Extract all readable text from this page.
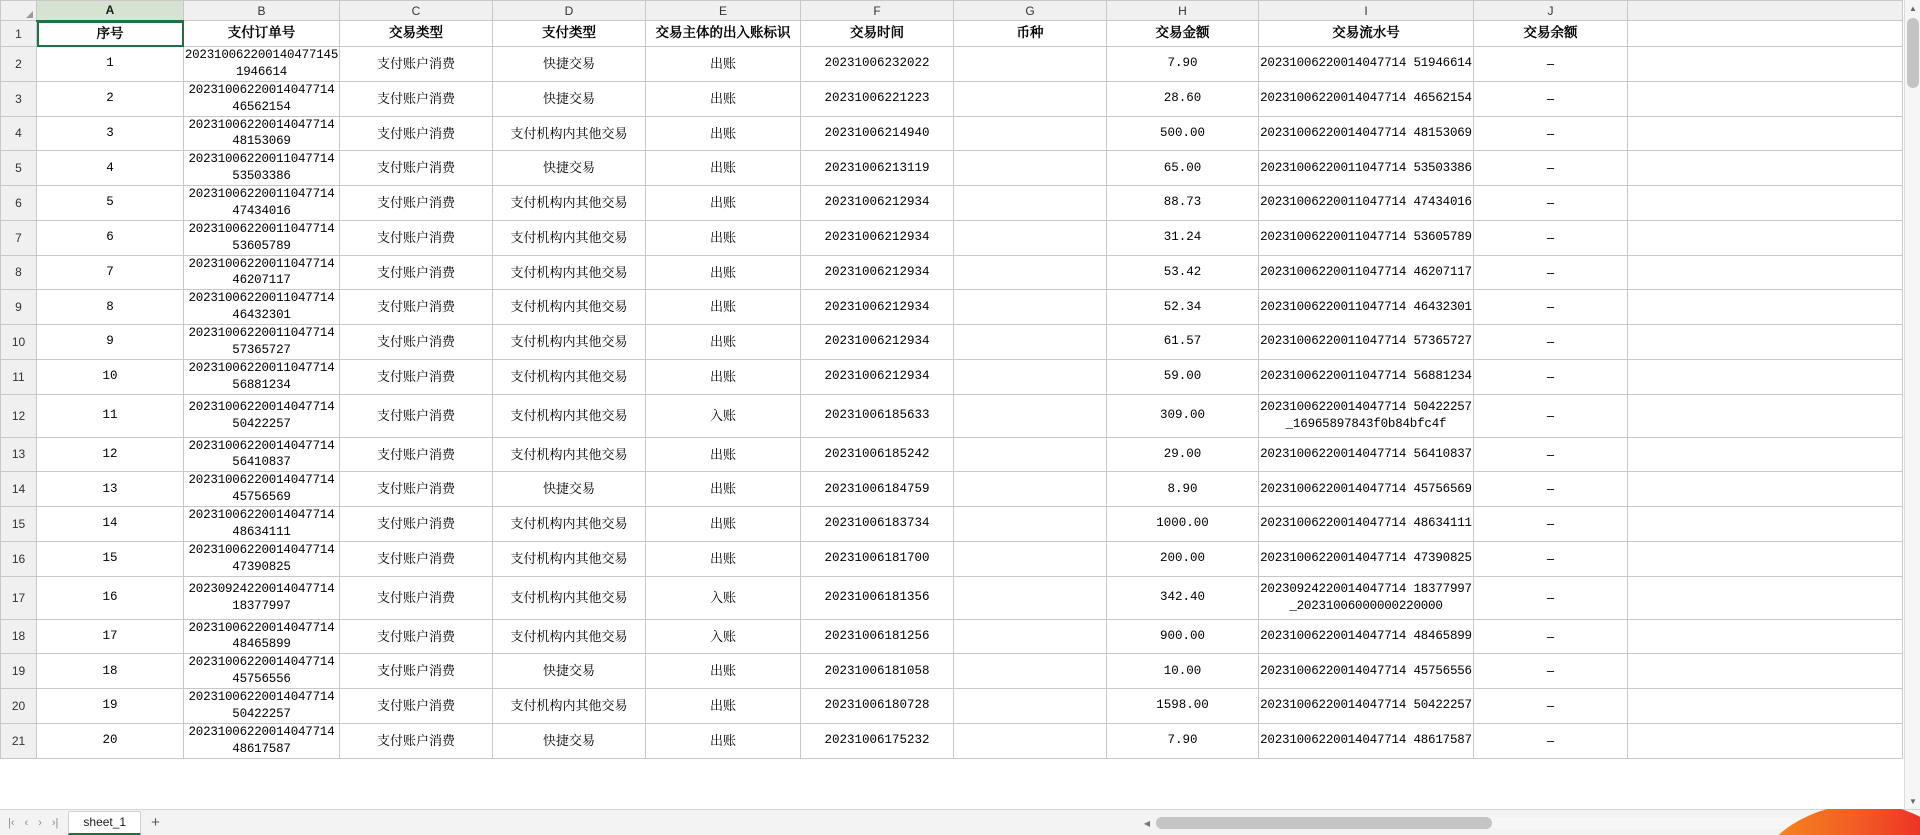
	A	B	C	D	E	F	G	H	I	J	
1	序号	支付订单号	交易类型	支付类型	交易主体的出入账标识	交易时间	币种	交易金额	交易流水号	交易余额	
2	1	2023100622001404771451946614	支付账户消费	快捷交易	出账	20231006232022		7.90	20231006220014047714 51946614	–	
3	2	20231006220014047714 46562154	支付账户消费	快捷交易	出账	20231006221223		28.60	20231006220014047714 46562154	–	
4	3	20231006220014047714 48153069	支付账户消费	支付机构内其他交易	出账	20231006214940		500.00	20231006220014047714 48153069	–	
5	4	20231006220011047714 53503386	支付账户消费	快捷交易	出账	20231006213119		65.00	20231006220011047714 53503386	–	
6	5	20231006220011047714 47434016	支付账户消费	支付机构内其他交易	出账	20231006212934		88.73	20231006220011047714 47434016	–	
7	6	20231006220011047714 53605789	支付账户消费	支付机构内其他交易	出账	20231006212934		31.24	20231006220011047714 53605789	–	
8	7	20231006220011047714 46207117	支付账户消费	支付机构内其他交易	出账	20231006212934		53.42	20231006220011047714 46207117	–	
9	8	20231006220011047714 46432301	支付账户消费	支付机构内其他交易	出账	20231006212934		52.34	20231006220011047714 46432301	–	
10	9	20231006220011047714 57365727	支付账户消费	支付机构内其他交易	出账	20231006212934		61.57	20231006220011047714 57365727	–	
11	10	20231006220011047714 56881234	支付账户消费	支付机构内其他交易	出账	20231006212934		59.00	20231006220011047714 56881234	–	
12	11	20231006220014047714 50422257	支付账户消费	支付机构内其他交易	入账	20231006185633		309.00	20231006220014047714 50422257_16965897843f0b84bfc4f	–	
13	12	20231006220014047714 56410837	支付账户消费	支付机构内其他交易	出账	20231006185242		29.00	20231006220014047714 56410837	–	
14	13	20231006220014047714 45756569	支付账户消费	快捷交易	出账	20231006184759		8.90	20231006220014047714 45756569	–	
15	14	20231006220014047714 48634111	支付账户消费	支付机构内其他交易	出账	20231006183734		1000.00	20231006220014047714 48634111	–	
16	15	20231006220014047714 47390825	支付账户消费	支付机构内其他交易	出账	20231006181700		200.00	20231006220014047714 47390825	–	
17	16	20230924220014047714 18377997	支付账户消费	支付机构内其他交易	入账	20231006181356		342.40	20230924220014047714 18377997_20231006000000220000	–	
18	17	20231006220014047714 48465899	支付账户消费	支付机构内其他交易	入账	20231006181256		900.00	20231006220014047714 48465899	–	
19	18	20231006220014047714 45756556	支付账户消费	快捷交易	出账	20231006181058		10.00	20231006220014047714 45756556	–	
20	19	20231006220014047714 50422257	支付账户消费	支付机构内其他交易	出账	20231006180728		1598.00	20231006220014047714 50422257	–	
21	20	20231006220014047714 48617587	支付账户消费	快捷交易	出账	20231006175232		7.90	20231006220014047714 48617587	–	
▲
▼
|‹ ‹ › ›|	sheet_1	+	◀
